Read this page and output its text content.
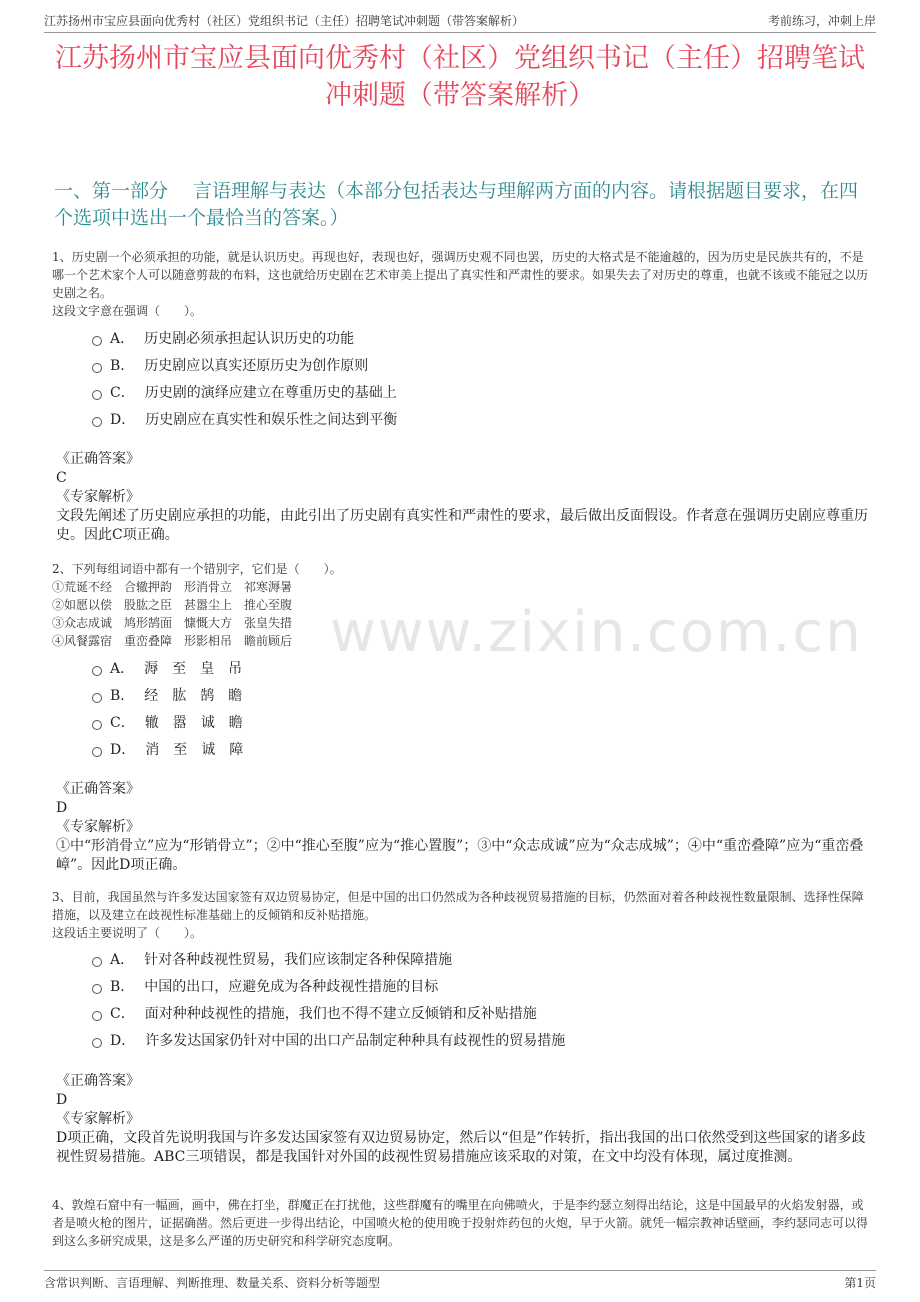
江苏扬州市宝应县面向优秀村（社区）党组织书记（主任）招聘笔试冲刺题（带答案解析）	考前练习，冲刺上岸
江苏扬州市宝应县面向优秀村（社区）党组织书记（主任）招聘笔试冲刺题（带答案解析）
一、第一部分　 言语理解与表达（本部分包括表达与理解两方面的内容。请根据题目要求，在四个选项中选出一个最恰当的答案。）
www.zixin.com.cn
1、历史剧一个必须承担的功能，就是认识历史。再现也好，表现也好，强调历史观不同也罢，历史的大格式是不能逾越的，因为历史是民族共有的，不是哪一个艺术家个人可以随意剪裁的布料，这也就给历史剧在艺术审美上提出了真实性和严肃性的要求。如果失去了对历史的尊重，也就不该或不能冠之以历史剧之名。
这段文字意在强调（　　）。
A． 历史剧必须承担起认识历史的功能
B． 历史剧应以真实还原历史为创作原则
C． 历史剧的演绎应建立在尊重历史的基础上
D． 历史剧应在真实性和娱乐性之间达到平衡
《正确答案》
C
《专家解析》
文段先阐述了历史剧应承担的功能，由此引出了历史剧有真实性和严肃性的要求，最后做出反面假设。作者意在强调历史剧应尊重历史。因此C项正确。
2、下列每组词语中都有一个错别字，它们是（　　）。
①荒诞不经　合辙押韵　形消骨立　祁寒溽暑
②如愿以偿　股肱之臣　甚嚣尘上　推心至腹
③众志成诚　鸠形鹄面　慷慨大方　张皇失措
④风餐露宿　重峦叠障　形影相吊　瞻前顾后
A． 溽　至　皇　吊
B． 经　肱　鹄　瞻
C． 辙　嚣　诚　瞻
D． 消　至　诚　障
《正确答案》
D
《专家解析》
①中“形消骨立”应为“形销骨立”；②中“推心至腹”应为“推心置腹”；③中“众志成诚”应为“众志成城”；④中“重峦叠障”应为“重峦叠嶂”。因此D项正确。
3、目前，我国虽然与许多发达国家签有双边贸易协定，但是中国的出口仍然成为各种歧视贸易措施的目标，仍然面对着各种歧视性数量限制、选择性保障措施，以及建立在歧视性标准基础上的反倾销和反补贴措施。
这段话主要说明了（　　）。
A． 针对各种歧视性贸易，我们应该制定各种保障措施
B． 中国的出口，应避免成为各种歧视性措施的目标
C． 面对种种歧视性的措施，我们也不得不建立反倾销和反补贴措施
D． 许多发达国家仍针对中国的出口产品制定种种具有歧视性的贸易措施
《正确答案》
D
《专家解析》
D项正确，文段首先说明我国与许多发达国家签有双边贸易协定，然后以“但是”作转折，指出我国的出口依然受到这些国家的诸多歧视性贸易措施。ABC三项错误，都是我国针对外国的歧视性贸易措施应该采取的对策，在文中均没有体现，属过度推测。
4、敦煌石窟中有一幅画，画中，佛在打坐，群魔正在打扰他，这些群魔有的嘴里在向佛喷火，于是李约瑟立刻得出结论，这是中国最早的火焰发射器，或者是喷火枪的图片，证据确凿。然后更进一步得出结论，中国喷火枪的使用晚于投射炸药包的火炮，早于火箭。就凭一幅宗教神话壁画，李约瑟同志可以得到这么多研究成果，这是多么严谨的历史研究和科学研究态度啊。
含常识判断、言语理解、判断推理、数量关系、资料分析等题型	第1页
